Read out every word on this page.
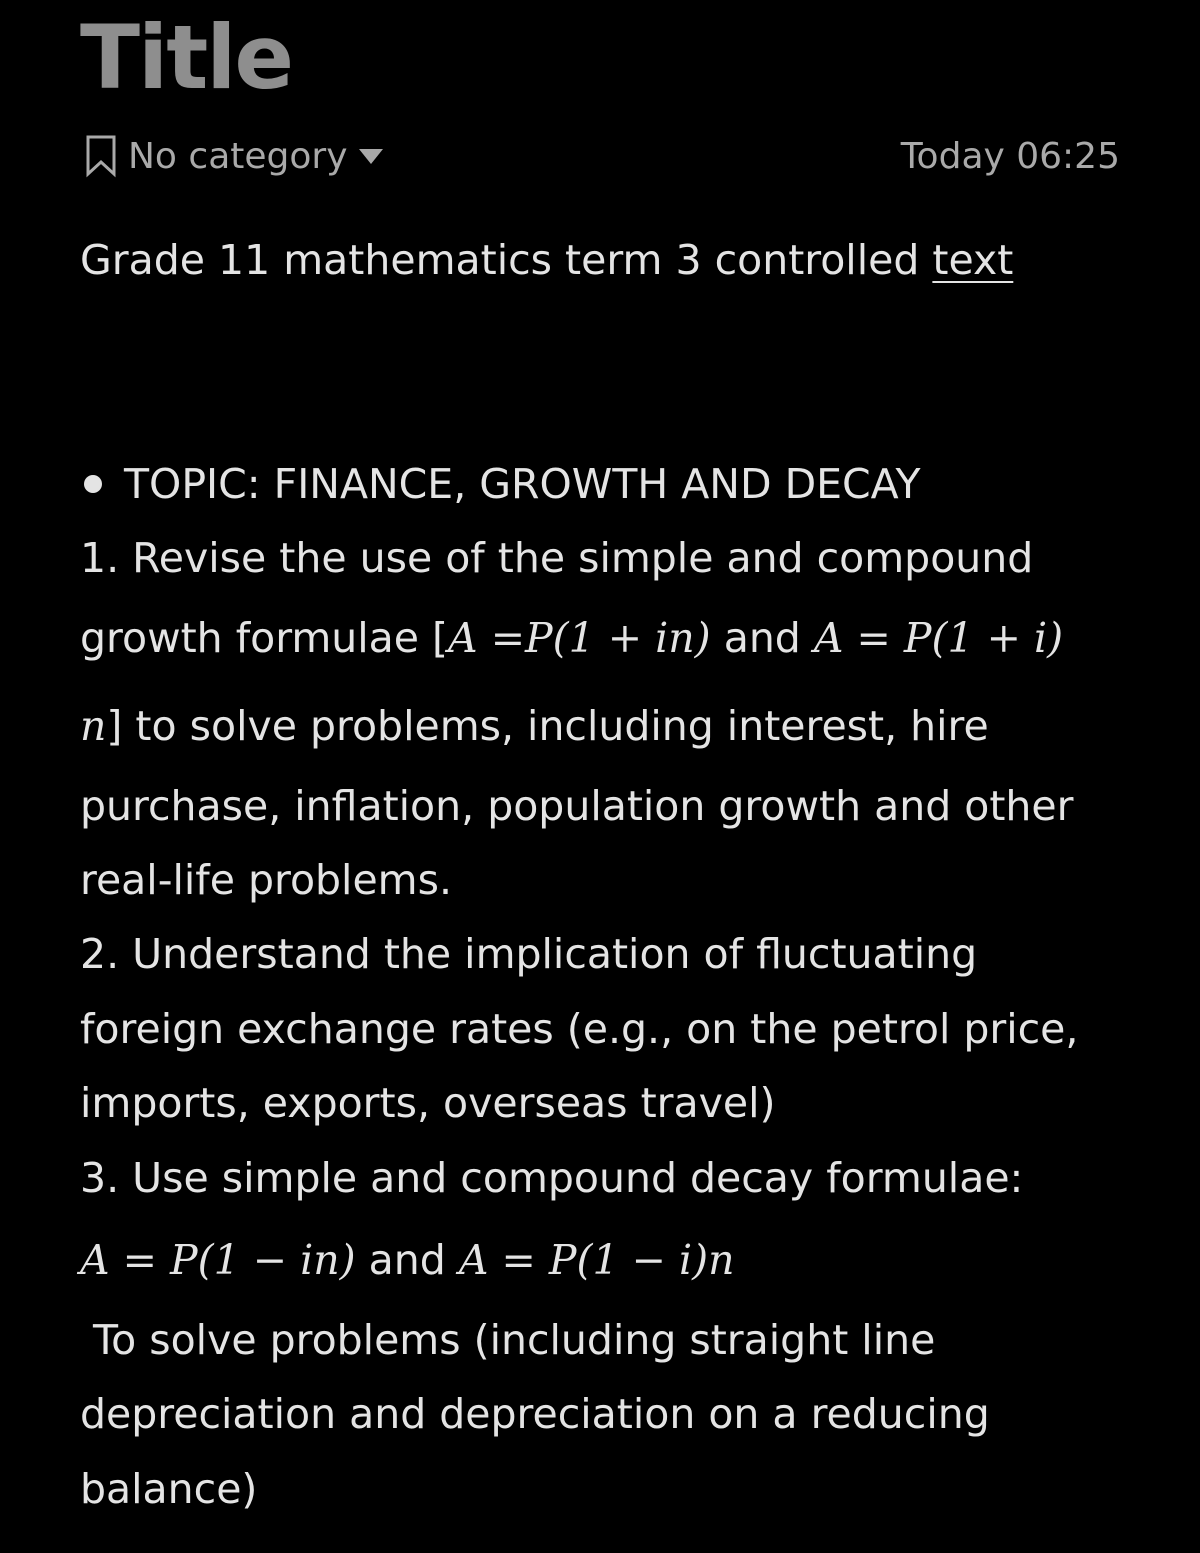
Title
No category	Today 06:25
Grade 11 mathematics term 3 controlled text
TOPIC: FINANCE, GROWTH AND DECAY
1. Revise the use of the simple and compound
growth formulae [A =P(1 + in) and A = P(1 + i)
n] to solve problems, including interest, hire
purchase, inflation, population growth and other
real-life problems.
2. Understand the implication of fluctuating
foreign exchange rates (e.g., on the petrol price,
imports, exports, overseas travel)
3. Use simple and compound decay formulae:
A = P(1 − in) and A = P(1 − i)n
To solve problems (including straight line
depreciation and depreciation on a reducing
balance)
